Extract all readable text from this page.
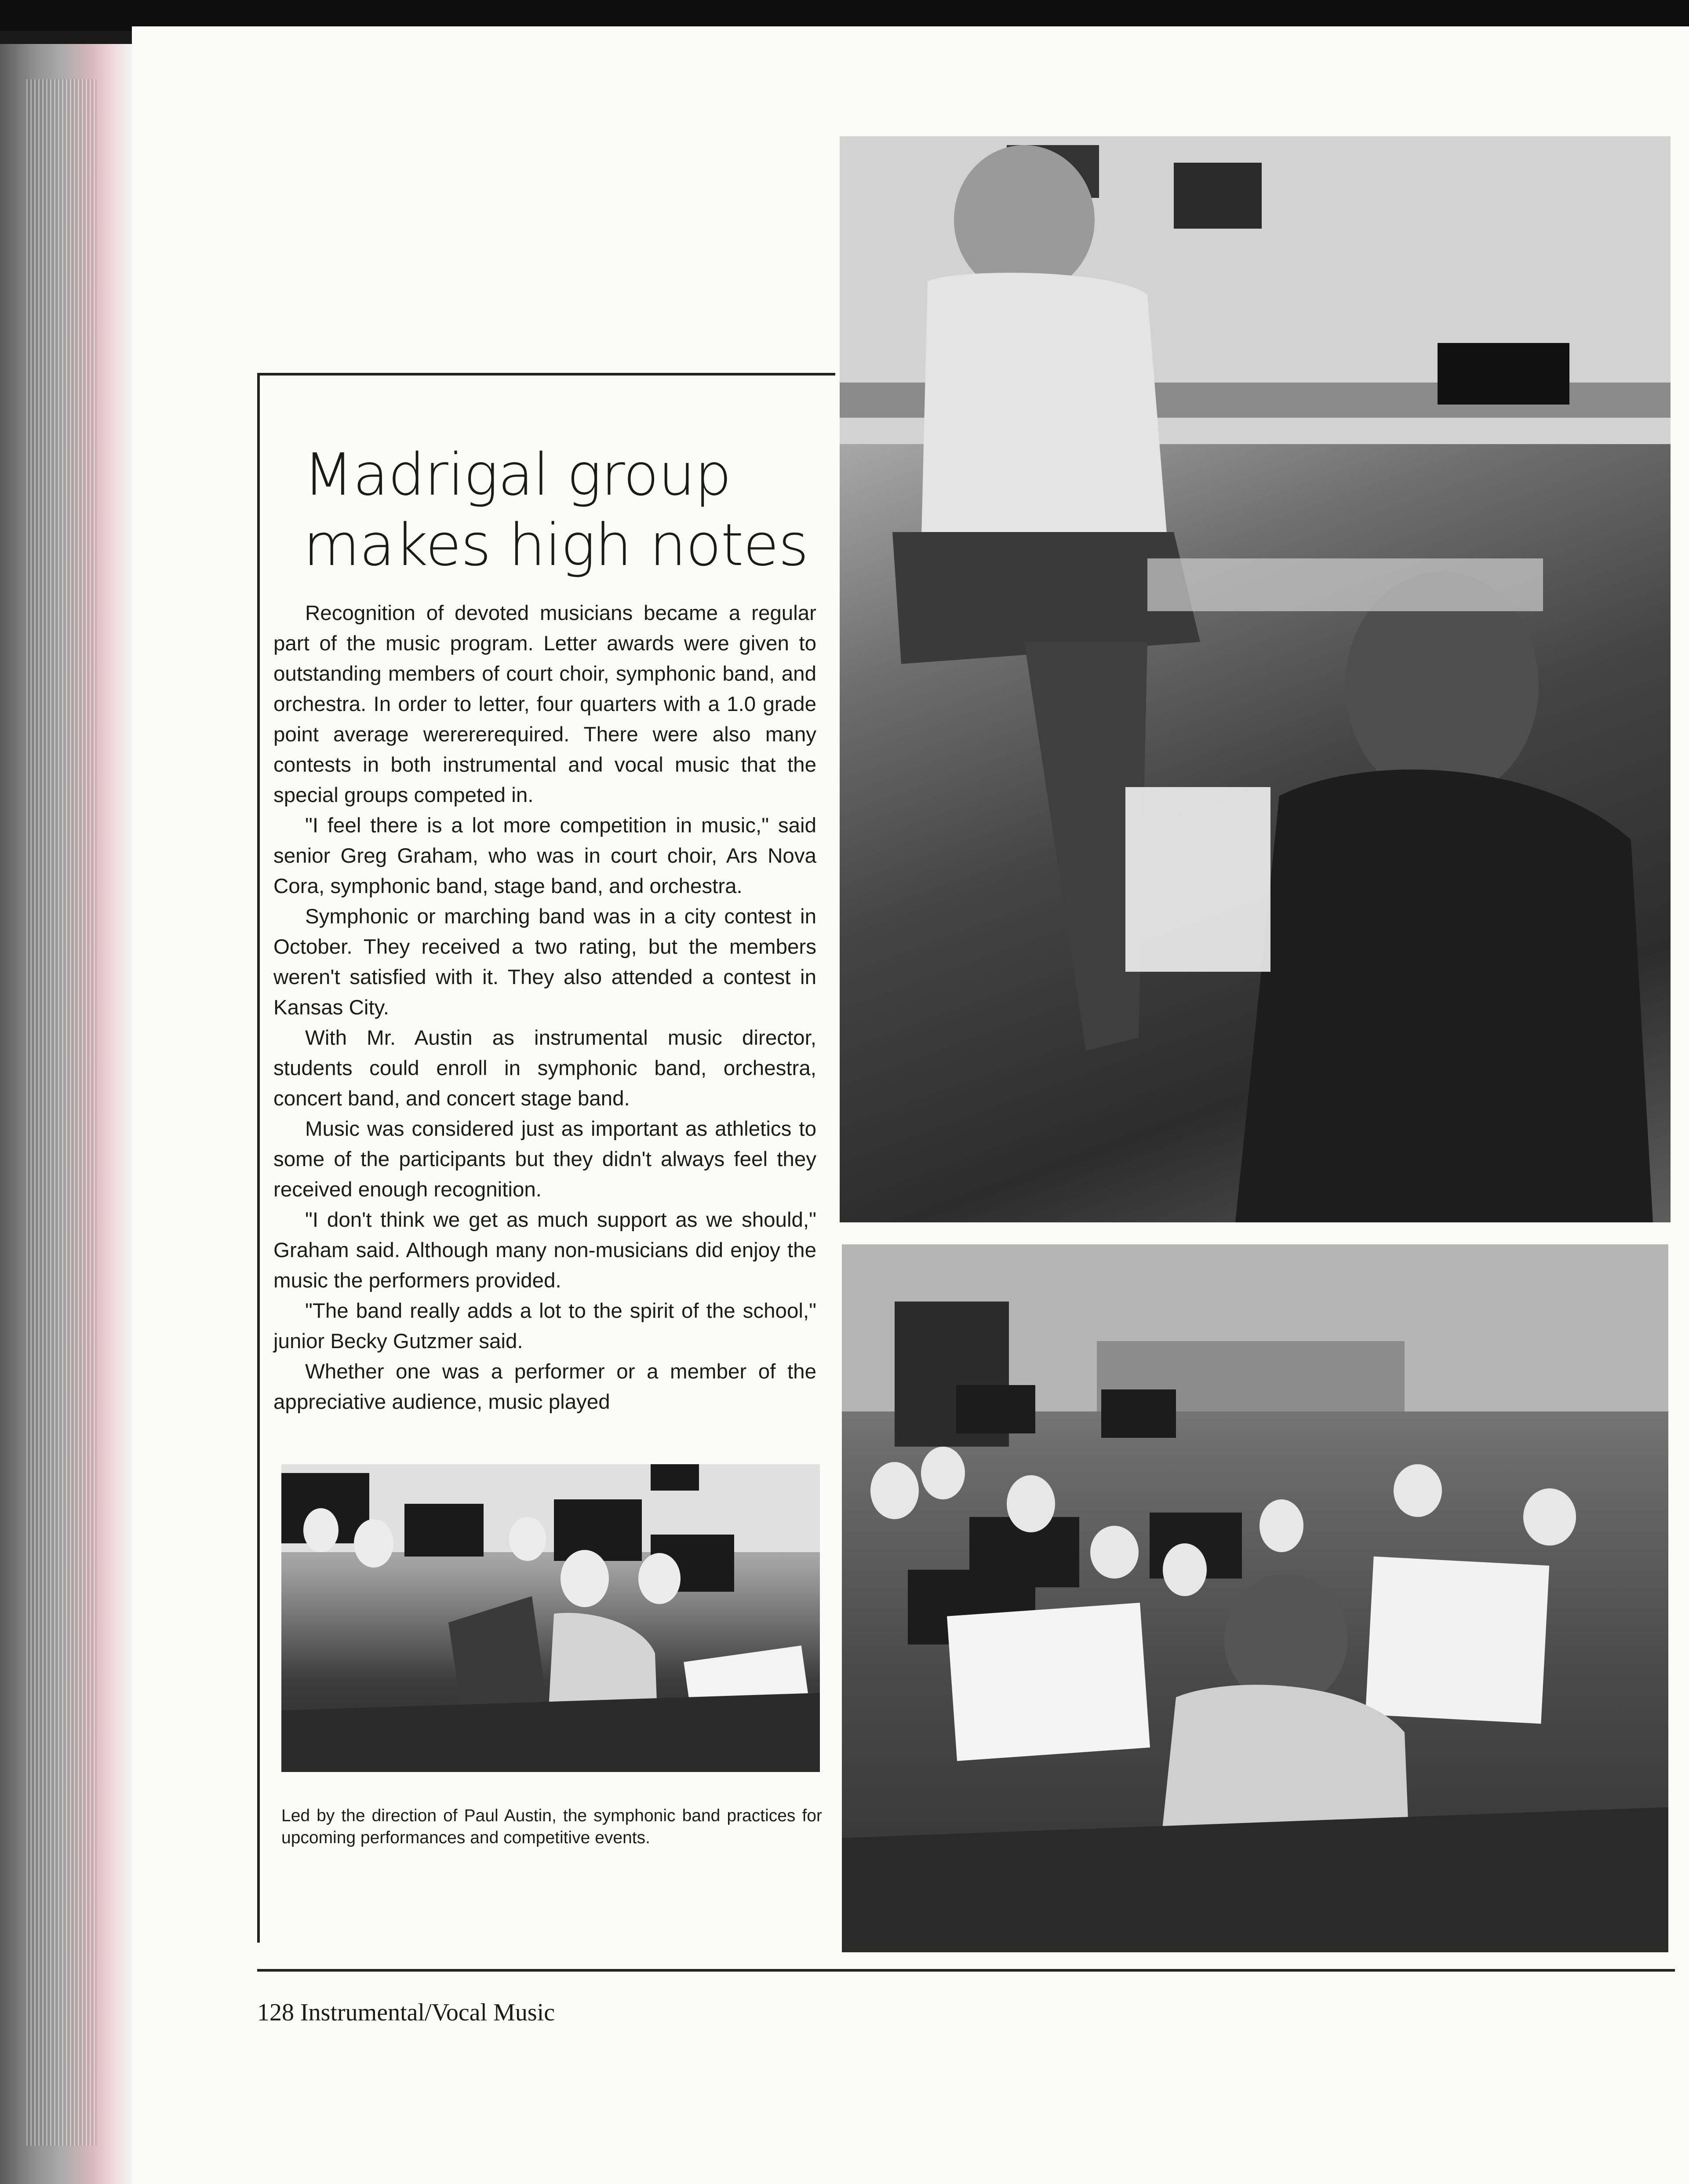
Madrigal group
makes high notes

Recognition of devoted musicians became a regular part of the music program. Letter awards were given to outstanding members of court choir, symphonic band, and orchestra. In order to letter, four quarters with a 1.0 grade point average werererequired. There were also many contests in both instrumental and vocal music that the special groups competed in.

"I feel there is a lot more competition in music," said senior Greg Graham, who was in court choir, Ars Nova Cora, symphonic band, stage band, and orchestra.

Symphonic or marching band was in a city contest in October. They received a two rating, but the members weren't satisfied with it. They also attended a contest in Kansas City.

With Mr. Austin as instrumental music director, students could enroll in symphonic band, orchestra, concert band, and concert stage band.

Music was considered just as important as athletics to some of the participants but they didn't always feel they received enough recognition.

"I don't think we get as much support as we should," Graham said. Although many non-musicians did enjoy the music the performers provided.

"The band really adds a lot to the spirit of the school," junior Becky Gutzmer said.

Whether one was a performer or a member of the appreciative audience, music played

Led by the direction of Paul Austin, the symphonic band practices for upcoming performances and competitive events.

128 Instrumental/Vocal Music
